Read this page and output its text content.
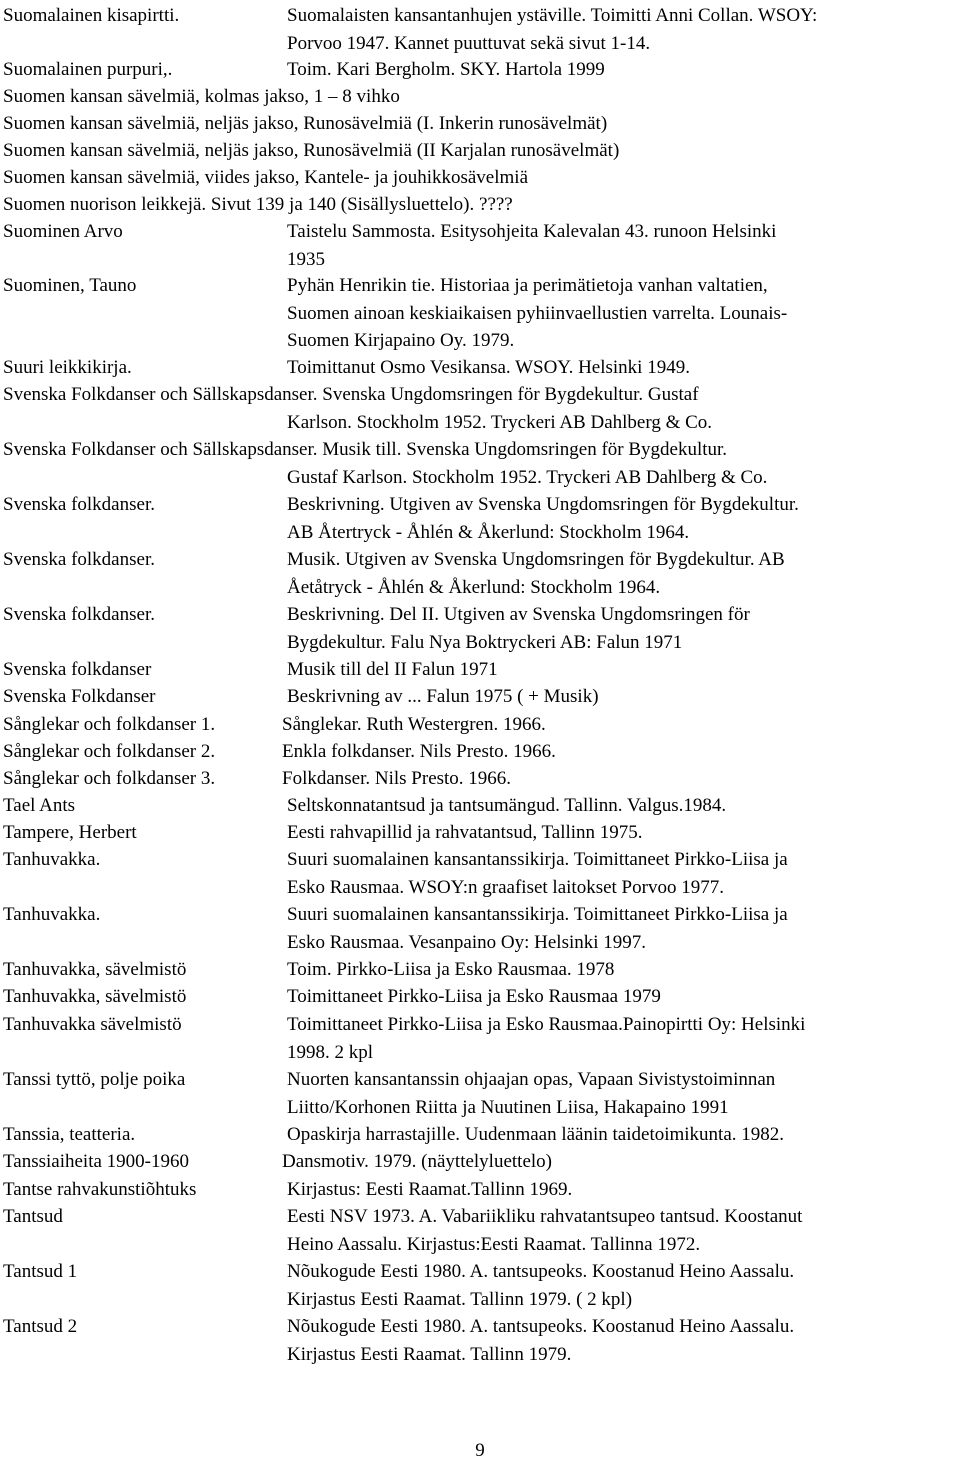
Suomalainen kisapirtti.	Suomalaisten kansantanhujen ystäville. Toimitti Anni Collan. WSOY:
Porvoo 1947. Kannet puuttuvat sekä sivut 1-14.
Suomalainen purpuri,.	Toim. Kari Bergholm. SKY. Hartola 1999
Suomen kansan sävelmiä, kolmas jakso, 1 – 8 vihko
Suomen kansan sävelmiä, neljäs jakso, Runosävelmiä (I. Inkerin runosävelmät)
Suomen kansan sävelmiä, neljäs jakso, Runosävelmiä (II Karjalan runosävelmät)
Suomen kansan sävelmiä, viides jakso, Kantele- ja jouhikkosävelmiä
Suomen nuorison leikkejä. Sivut 139 ja 140 (Sisällysluettelo). ????
Suominen Arvo	Taistelu Sammosta. Esitysohjeita Kalevalan 43. runoon Helsinki
1935
Suominen, Tauno	Pyhän Henrikin tie. Historiaa ja perimätietoja vanhan valtatien,
Suomen ainoan keskiaikaisen pyhiinvaellustien varrelta. Lounais-
Suomen Kirjapaino Oy. 1979.
Suuri leikkikirja.	Toimittanut Osmo Vesikansa. WSOY. Helsinki 1949.
Svenska Folkdanser och Sällskapsdanser. Svenska Ungdomsringen för Bygdekultur. Gustaf
Karlson. Stockholm 1952. Tryckeri AB Dahlberg & Co.
Svenska Folkdanser och Sällskapsdanser. Musik till. Svenska Ungdomsringen för Bygdekultur.
Gustaf Karlson. Stockholm 1952. Tryckeri AB Dahlberg & Co.
Svenska folkdanser.	Beskrivning. Utgiven av Svenska Ungdomsringen för Bygdekultur.
AB Återtryck - Åhlén & Åkerlund: Stockholm 1964.
Svenska folkdanser.	Musik. Utgiven av Svenska Ungdomsringen för Bygdekultur. AB
Åetåtryck - Åhlén & Åkerlund: Stockholm 1964.
Svenska folkdanser.	Beskrivning. Del II. Utgiven av Svenska Ungdomsringen för
Bygdekultur. Falu Nya Boktryckeri AB: Falun 1971
Svenska folkdanser	Musik till del II Falun 1971
Svenska Folkdanser	Beskrivning av ... Falun 1975 ( + Musik)
Sånglekar och folkdanser 1.	Sånglekar. Ruth Westergren. 1966.
Sånglekar och folkdanser 2.	Enkla folkdanser. Nils Presto. 1966.
Sånglekar och folkdanser 3.	Folkdanser. Nils Presto. 1966.
Tael Ants	Seltskonnatantsud ja tantsumängud. Tallinn. Valgus.1984.
Tampere, Herbert	Eesti rahvapillid ja rahvatantsud, Tallinn 1975.
Tanhuvakka.	Suuri suomalainen kansantanssikirja. Toimittaneet Pirkko-Liisa ja
Esko Rausmaa. WSOY:n graafiset laitokset Porvoo 1977.
Tanhuvakka.	Suuri suomalainen kansantanssikirja. Toimittaneet Pirkko-Liisa ja
Esko Rausmaa. Vesanpaino Oy: Helsinki 1997.
Tanhuvakka, sävelmistö	Toim. Pirkko-Liisa ja Esko Rausmaa. 1978
Tanhuvakka, sävelmistö	Toimittaneet Pirkko-Liisa ja Esko Rausmaa 1979
Tanhuvakka sävelmistö	Toimittaneet Pirkko-Liisa ja Esko Rausmaa.Painopirtti Oy: Helsinki
1998. 2 kpl
Tanssi tyttö, polje poika	Nuorten kansantanssin ohjaajan opas, Vapaan Sivistystoiminnan
Liitto/Korhonen Riitta ja Nuutinen Liisa, Hakapaino 1991
Tanssia, teatteria.	Opaskirja harrastajille. Uudenmaan läänin taidetoimikunta. 1982.
Tanssiaiheita 1900-1960	Dansmotiv. 1979. (näyttelyluettelo)
Tantse rahvakunstiõhtuks	Kirjastus: Eesti Raamat.Tallinn 1969.
Tantsud	Eesti NSV 1973. A. Vabariikliku rahvatantsupeo tantsud. Koostanut
Heino Aassalu. Kirjastus:Eesti Raamat. Tallinna 1972.
Tantsud 1	Nõukogude Eesti 1980. A. tantsupeoks. Koostanud Heino Aassalu.
Kirjastus Eesti Raamat. Tallinn 1979. ( 2 kpl)
Tantsud 2	Nõukogude Eesti 1980. A. tantsupeoks. Koostanud Heino Aassalu.
Kirjastus Eesti Raamat. Tallinn 1979.
9
